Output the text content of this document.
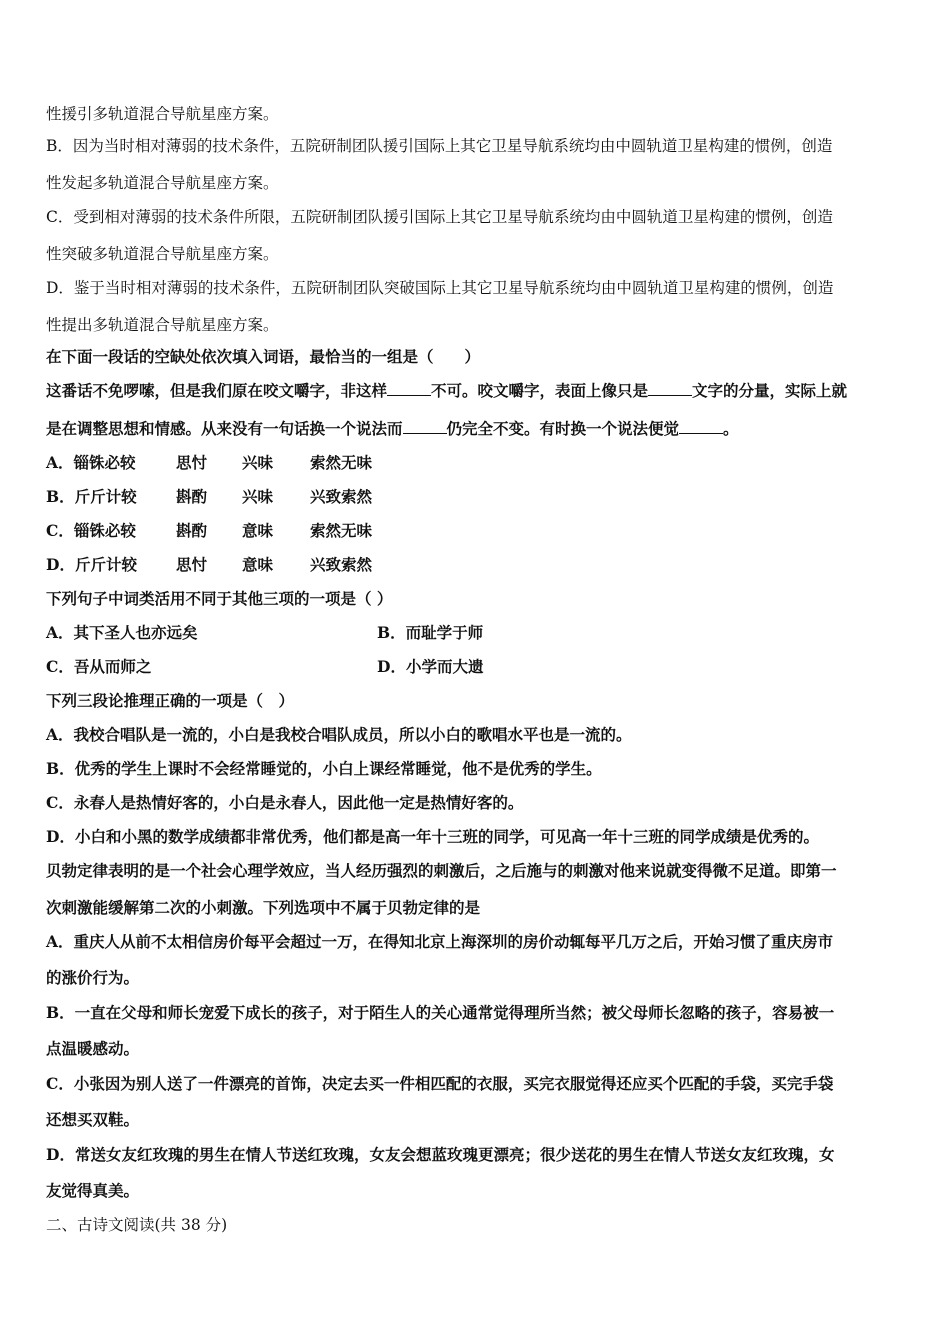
性援引多轨道混合导航星座方案。
B．因为当时相对薄弱的技术条件，五院研制团队援引国际上其它卫星导航系统均由中圆轨道卫星构建的惯例，创造
性发起多轨道混合导航星座方案。
C．受到相对薄弱的技术条件所限，五院研制团队援引国际上其它卫星导航系统均由中圆轨道卫星构建的惯例，创造
性突破多轨道混合导航星座方案。
D．鉴于当时相对薄弱的技术条件，五院研制团队突破国际上其它卫星导航系统均由中圆轨道卫星构建的惯例，创造
性提出多轨道混合导航星座方案。
在下面一段话的空缺处依次填入词语，最恰当的一组是（　　）
这番话不免啰嗦，但是我们原在咬文嚼字，非这样	不可。咬文嚼字，表面上像只是	文字的分量，实际上就
是在调整思想和情感。从来没有一句话换一个说法而	仍完全不变。有时换一个说法便觉	。
A．锱铢必较	思忖 兴味 索然无味
B．斤斤计较	斟酌 兴味 兴致索然
C．锱铢必较	斟酌 意味 索然无味
D．斤斤计较	思忖 意味 兴致索然
下列句子中词类活用不同于其他三项的一项是（ ）
A．其下圣人也亦远矣	B．而耻学于师
C．吾从而师之	D．小学而大遗
下列三段论推理正确的一项是（　）
A．我校合唱队是一流的，小白是我校合唱队成员，所以小白的歌唱水平也是一流的。
B．优秀的学生上课时不会经常睡觉的，小白上课经常睡觉，他不是优秀的学生。
C．永春人是热情好客的，小白是永春人，因此他一定是热情好客的。
D．小白和小黑的数学成绩都非常优秀，他们都是高一年十三班的同学，可见高一年十三班的同学成绩是优秀的。
贝勃定律表明的是一个社会心理学效应，当人经历强烈的刺激后，之后施与的刺激对他来说就变得微不足道。即第一
次刺激能缓解第二次的小刺激。下列选项中不属于贝勃定律的是
A．重庆人从前不太相信房价每平会超过一万，在得知北京上海深圳的房价动辄每平几万之后，开始习惯了重庆房市
的涨价行为。
B．一直在父母和师长宠爱下成长的孩子，对于陌生人的关心通常觉得理所当然；被父母师长忽略的孩子，容易被一
点温暖感动。
C．小张因为别人送了一件漂亮的首饰，决定去买一件相匹配的衣服，买完衣服觉得还应买个匹配的手袋，买完手袋
还想买双鞋。
D．常送女友红玫瑰的男生在情人节送红玫瑰，女友会想蓝玫瑰更漂亮；很少送花的男生在情人节送女友红玫瑰，女
友觉得真美。
二、古诗文阅读(共 38 分)
